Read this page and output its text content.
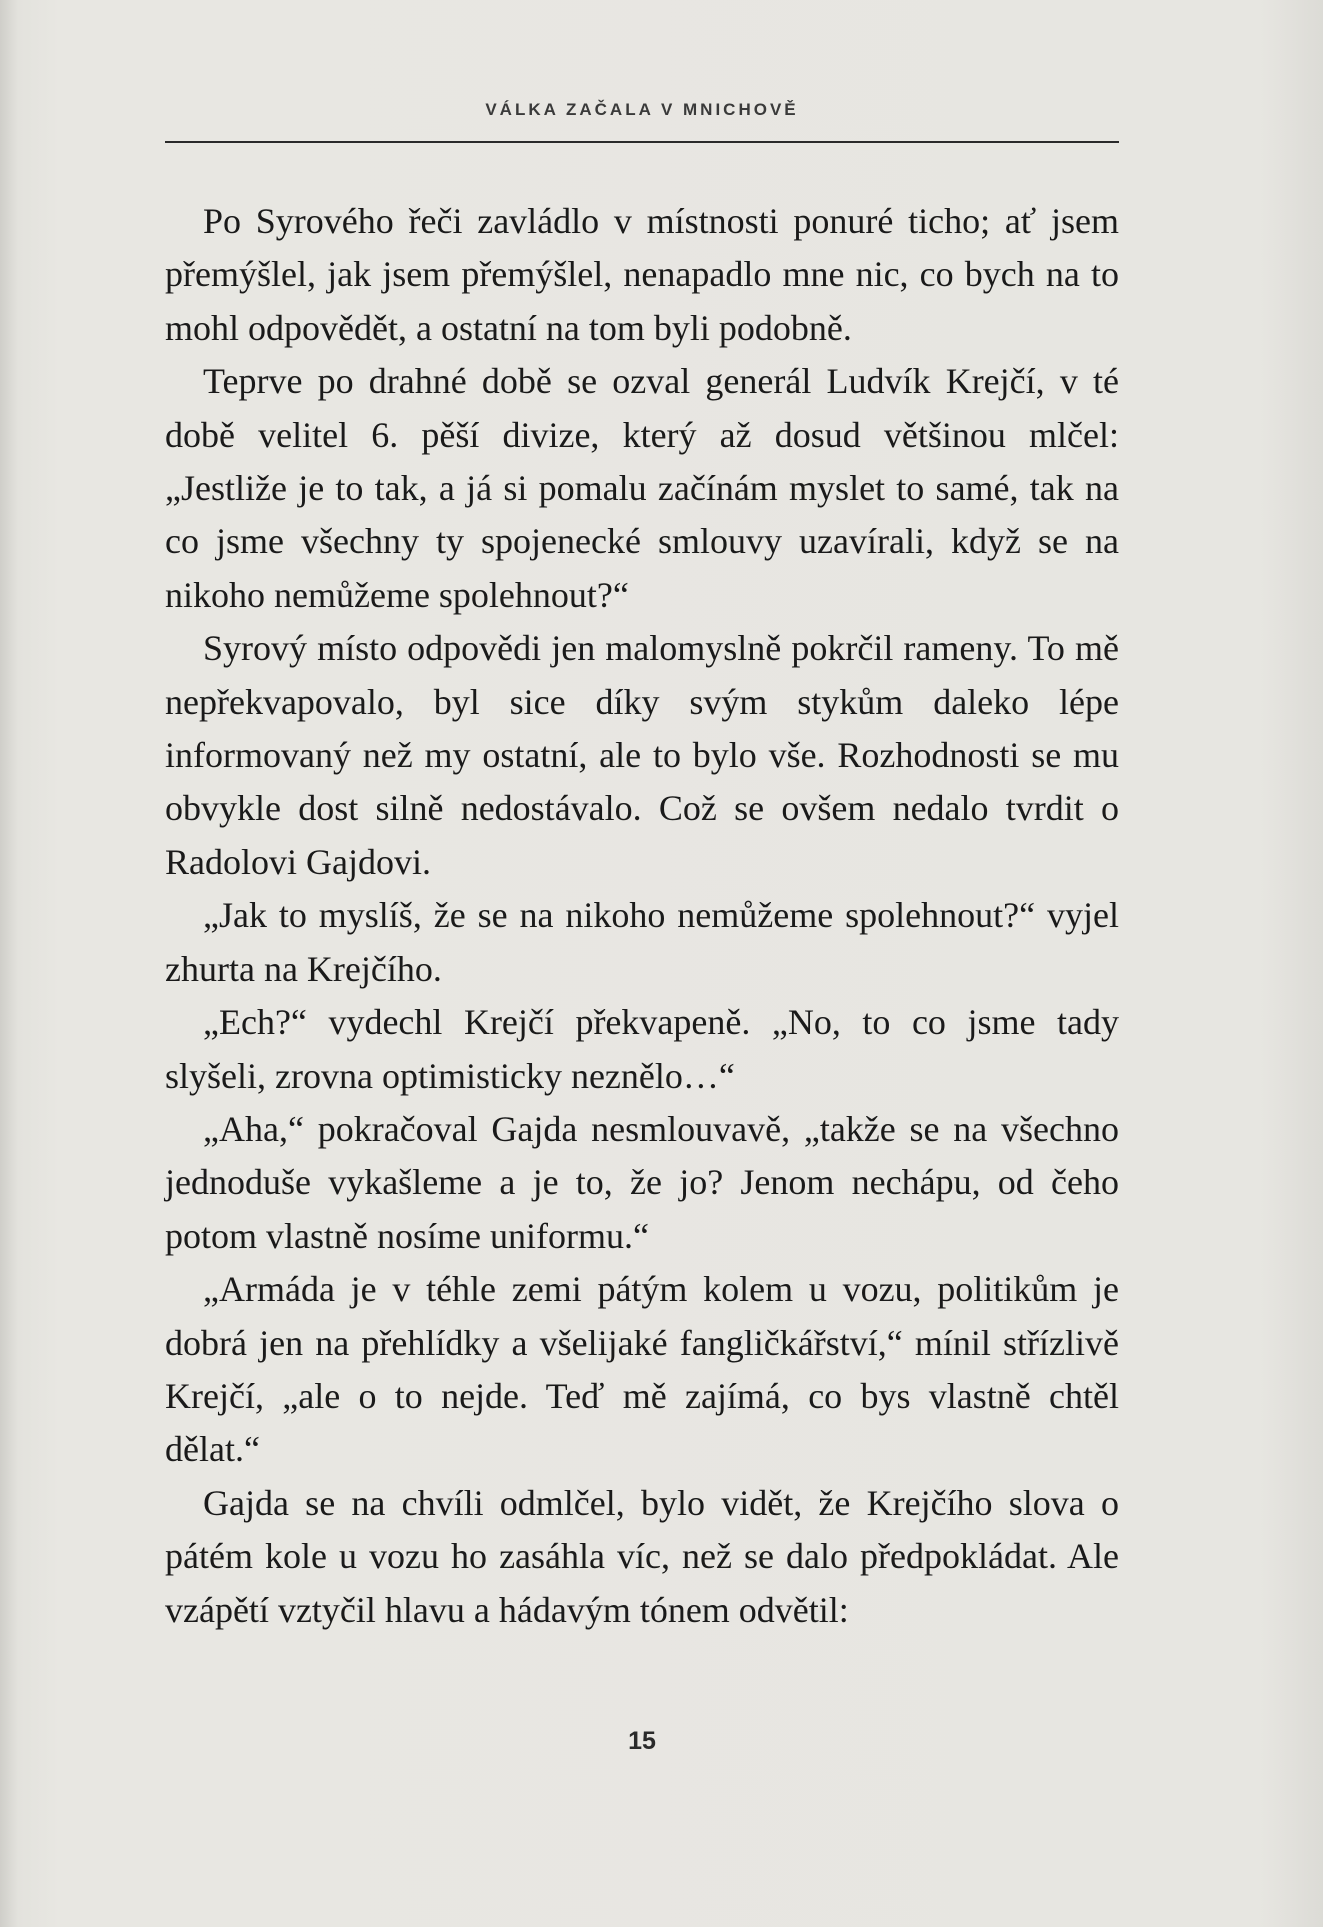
VÁLKA ZAČALA V MNICHOVĚ

Po Syrového řeči zavládlo v místnosti ponuré ticho; ať jsem přemýšlel, jak jsem přemýšlel, nenapadlo mne nic, co bych na to mohl odpovědět, a ostatní na tom byli podobně.

Teprve po drahné době se ozval generál Ludvík Krejčí, v té době velitel 6. pěší divize, který až dosud většinou mlčel: „Jestliže je to tak, a já si pomalu začínám myslet to samé, tak na co jsme všechny ty spojenecké smlouvy uzavírali, když se na nikoho nemůžeme spolehnout?“

Syrový místo odpovědi jen malomyslně pokrčil rameny. To mě nepřekvapovalo, byl sice díky svým stykům daleko lépe informovaný než my ostatní, ale to bylo vše. Rozhodnosti se mu obvykle dost silně nedostávalo. Což se ovšem nedalo tvrdit o Radolovi Gajdovi.

„Jak to myslíš, že se na nikoho nemůžeme spolehnout?“ vyjel zhurta na Krejčího.

„Ech?“ vydechl Krejčí překvapeně. „No, to co jsme tady slyšeli, zrovna optimisticky neznělo…“

„Aha,“ pokračoval Gajda nesmlouvavě, „takže se na všechno jednoduše vykašleme a je to, že jo? Jenom nechápu, od čeho potom vlastně nosíme uniformu.“

„Armáda je v téhle zemi pátým kolem u vozu, politikům je dobrá jen na přehlídky a všelijaké fangličkářství,“ mínil střízlivě Krejčí, „ale o to nejde. Teď mě zajímá, co bys vlastně chtěl dělat.“

Gajda se na chvíli odmlčel, bylo vidět, že Krejčího slova o pátém kole u vozu ho zasáhla víc, než se dalo předpokládat. Ale vzápětí vztyčil hlavu a hádavým tónem odvětil:

15
